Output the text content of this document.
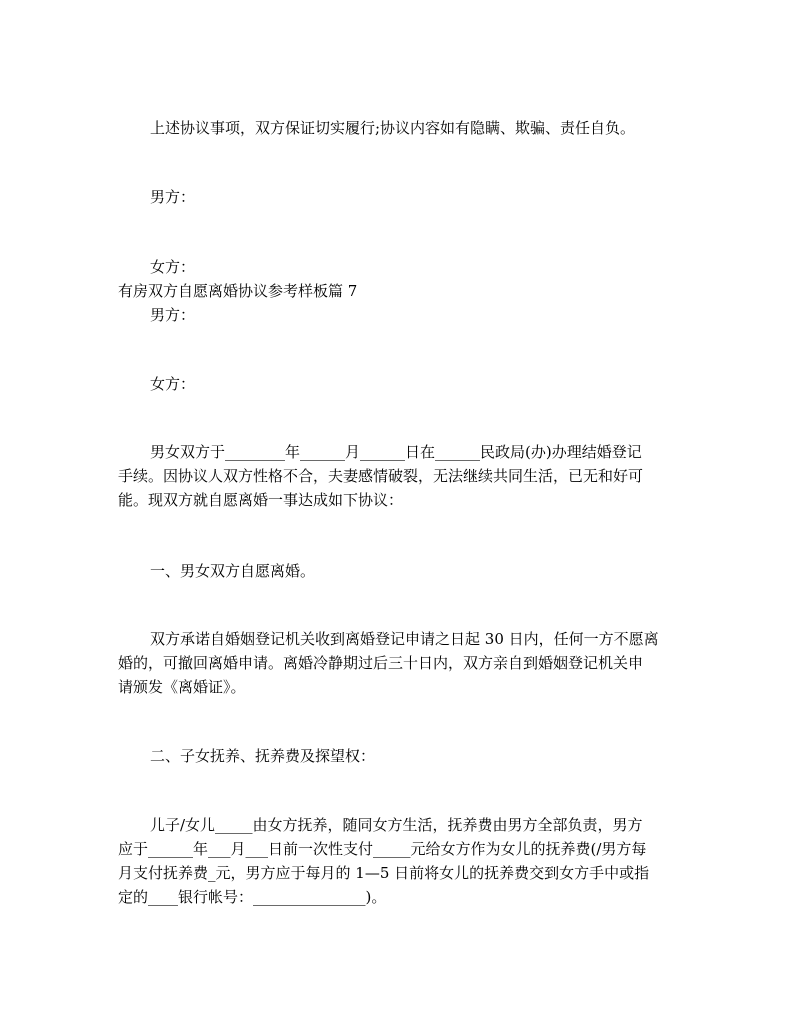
上述协议事项，双方保证切实履行;协议内容如有隐瞒、欺骗、责任自负。
男方：
女方：
有房双方自愿离婚协议参考样板篇 7
男方：
女方：
男女双方于________年______月______日在______民政局(办)办理结婚登记
手续。因协议人双方性格不合，夫妻感情破裂，无法继续共同生活，已无和好可
能。现双方就自愿离婚一事达成如下协议：
一、男女双方自愿离婚。
双方承诺自婚姻登记机关收到离婚登记申请之日起 30 日内，任何一方不愿离
婚的，可撤回离婚申请。离婚冷静期过后三十日内，双方亲自到婚姻登记机关申
请颁发《离婚证》。
二、子女抚养、抚养费及探望权：
儿子/女儿_____由女方抚养，随同女方生活，抚养费由男方全部负责，男方
应于______年___月___日前一次性支付_____元给女方作为女儿的抚养费(/男方每
月支付抚养费_元，男方应于每月的 1—5 日前将女儿的抚养费交到女方手中或指
定的____银行帐号：_______________)。
